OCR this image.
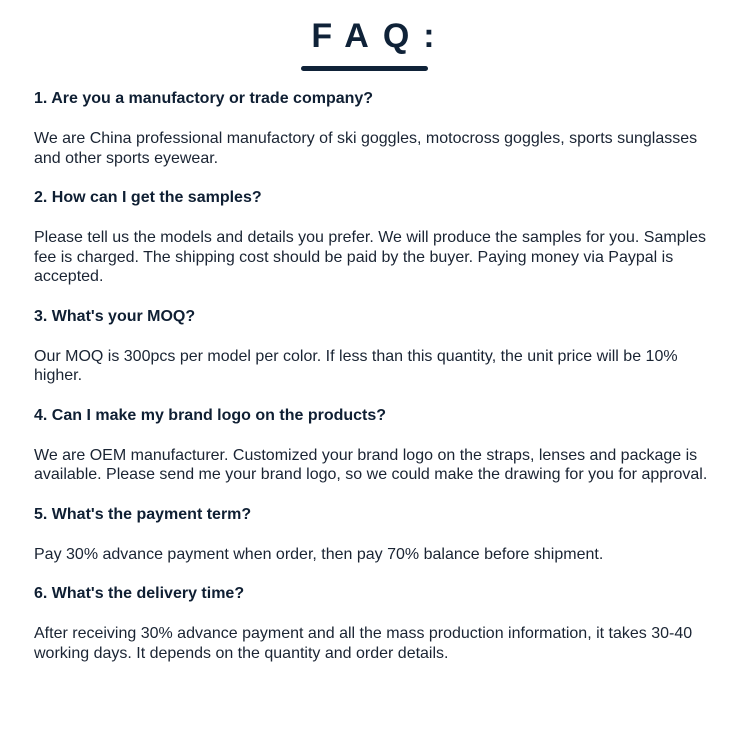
FAQ:

1. Are you a manufactory or trade company?

We are China professional manufactory of ski goggles, motocross goggles, sports sunglasses and other sports eyewear.

2. How can I get the samples?

Please tell us the models and details you prefer. We will produce the samples for you. Samples fee is charged. The shipping cost should be paid by the buyer. Paying money via Paypal is accepted.

3. What's your MOQ?

Our MOQ is 300pcs per model per color. If less than this quantity, the unit price will be 10% higher.

4. Can I make my brand logo on the products?

We are OEM manufacturer. Customized your brand logo on the straps, lenses and package is available. Please send me your brand logo, so we could make the drawing for you for approval.

5. What's the payment term?

Pay 30% advance payment when order, then pay 70% balance before shipment.

6. What's the delivery time?

After receiving 30% advance payment and all the mass production information, it takes 30-40 working days. It depends on the quantity and order details.
